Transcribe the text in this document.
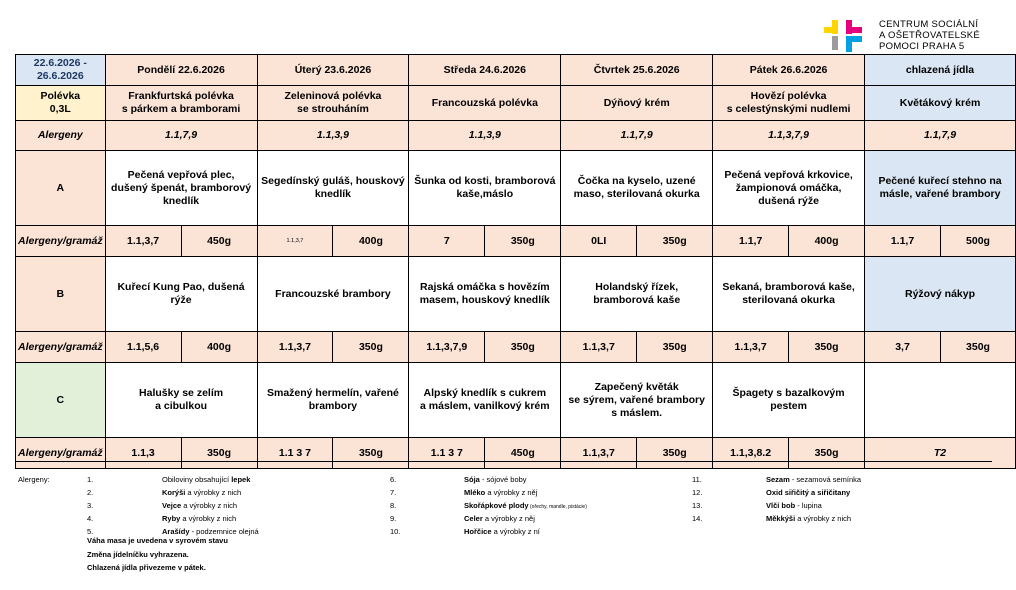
CENTRUM SOCIÁLNÍ
A OŠETŘOVATELSKÉ
POMOCI PRAHA 5
22.6.2026 -
26.6.2026	Pondělí 22.6.2026		Úterý 23.6.2026		Středa 24.6.2026		Čtvrtek 25.6.2026		Pátek 26.6.2026		chlazená jídla	
Polévka
0,3L	Frankfurtská polévka
s párkem a bramborami		Zeleninová polévka
se strouháním		Francouzská polévka		Dýňový krém		Hovězí polévka
s celestýnskými nudlemi		Květákový krém	
Alergeny	1.1,7,9		1.1,3,9		1.1,3,9		1.1,7,9		1.1,3,7,9		1.1,7,9	
A	Pečená vepřová plec,
dušený špenát, bramborový
knedlík		Segedínský guláš, houskový
knedlík		Šunka od kosti, bramborová
kaše,máslo		Čočka na kyselo, uzené
maso, sterilovaná okurka		Pečená vepřová krkovice,
žampionová omáčka,
dušená rýže		Pečené kuřecí stehno na
másle, vařené brambory	
Alergeny/gramáž	1.1,3,7	450g	1.1,3,7	400g	7	350g	0LI	350g	1.1,7	400g	1.1,7	500g
B	Kuřecí Kung Pao, dušená
rýže		Francouzské brambory		Rajská omáčka s hovězím
masem, houskový knedlík		Holandský řízek,
bramborová kaše		Sekaná, bramborová kaše,
sterilovaná okurka		Rýžový nákyp	
Alergeny/gramáž	1.1,5,6	400g	1.1,3,7	350g	1.1,3,7,9	350g	1.1,3,7	350g	1.1,3,7	350g	3,7	350g
C	Halušky se zelím
a cibulkou		Smažený hermelín, vařené
brambory		Alpský knedlík s cukrem
a máslem, vanilkový krém		Zapečený květák
se sýrem, vařené brambory
s máslem.		Špagety s bazalkovým
pestem			
Alergeny/gramáž	1.1,3	350g	1.1 3 7	350g	1.1 3 7	450g	1.1,3,7	350g	1.1,3,8.2	350g	T2	
Alergeny:	1.	Obiloviny obsahující lepek
2.	Korýši a výrobky z nich
3.	Vejce a výrobky z nich
4.	Ryby a výrobky z nich
5.	Arašídy - podzemnice olejná
6.	Sója - sójové boby
7.	Mléko a výrobky z něj
8.	Skořápkové plody (ořechy, mandle, pistácie)
9.	Celer a výrobky z něj
10.	Hořčice a výrobky z ní
11.	Sezam - sezamová semínka
12.	Oxid siřičitý a siřičitany
13.	Vlčí bob - lupina
14.	Měkkýši a výrobky z nich
Váha masa je uvedena v syrovém stavu
Změna jídelníčku vyhrazena.
Chlazená jídla přivezeme v pátek.
